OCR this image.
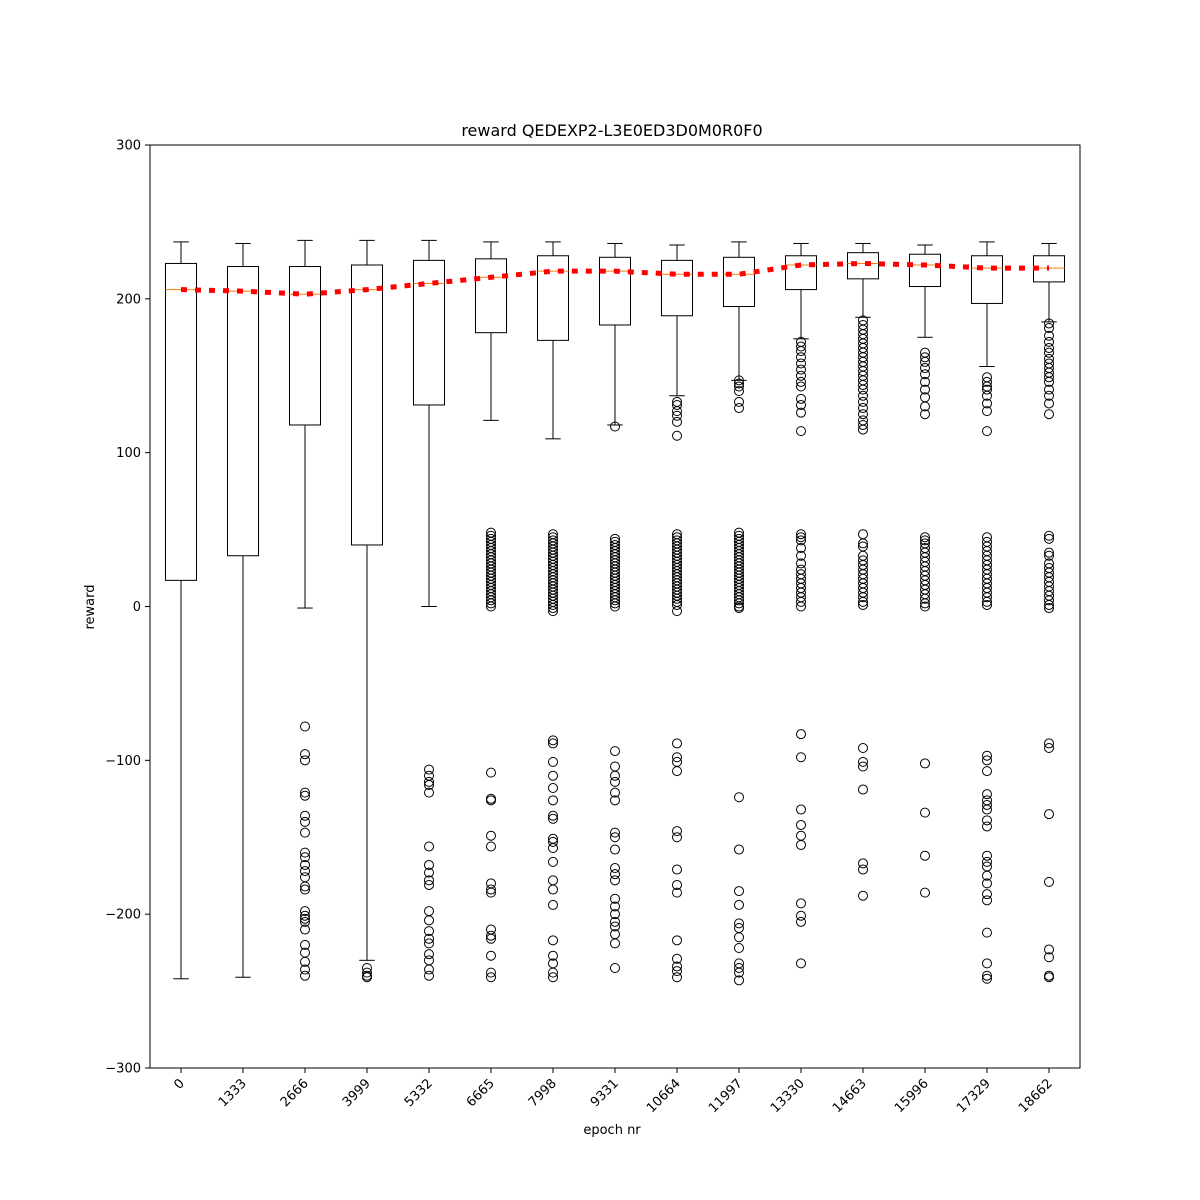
reward QEDEXP2-L3E0ED3D0M0R0F0
epoch nr
reward
−300
−200
−100
0
100
200
300
0 1333 2666 3999 5332 6665 7998 9331 10664 11997 13330 14663 15996 17329 18662
